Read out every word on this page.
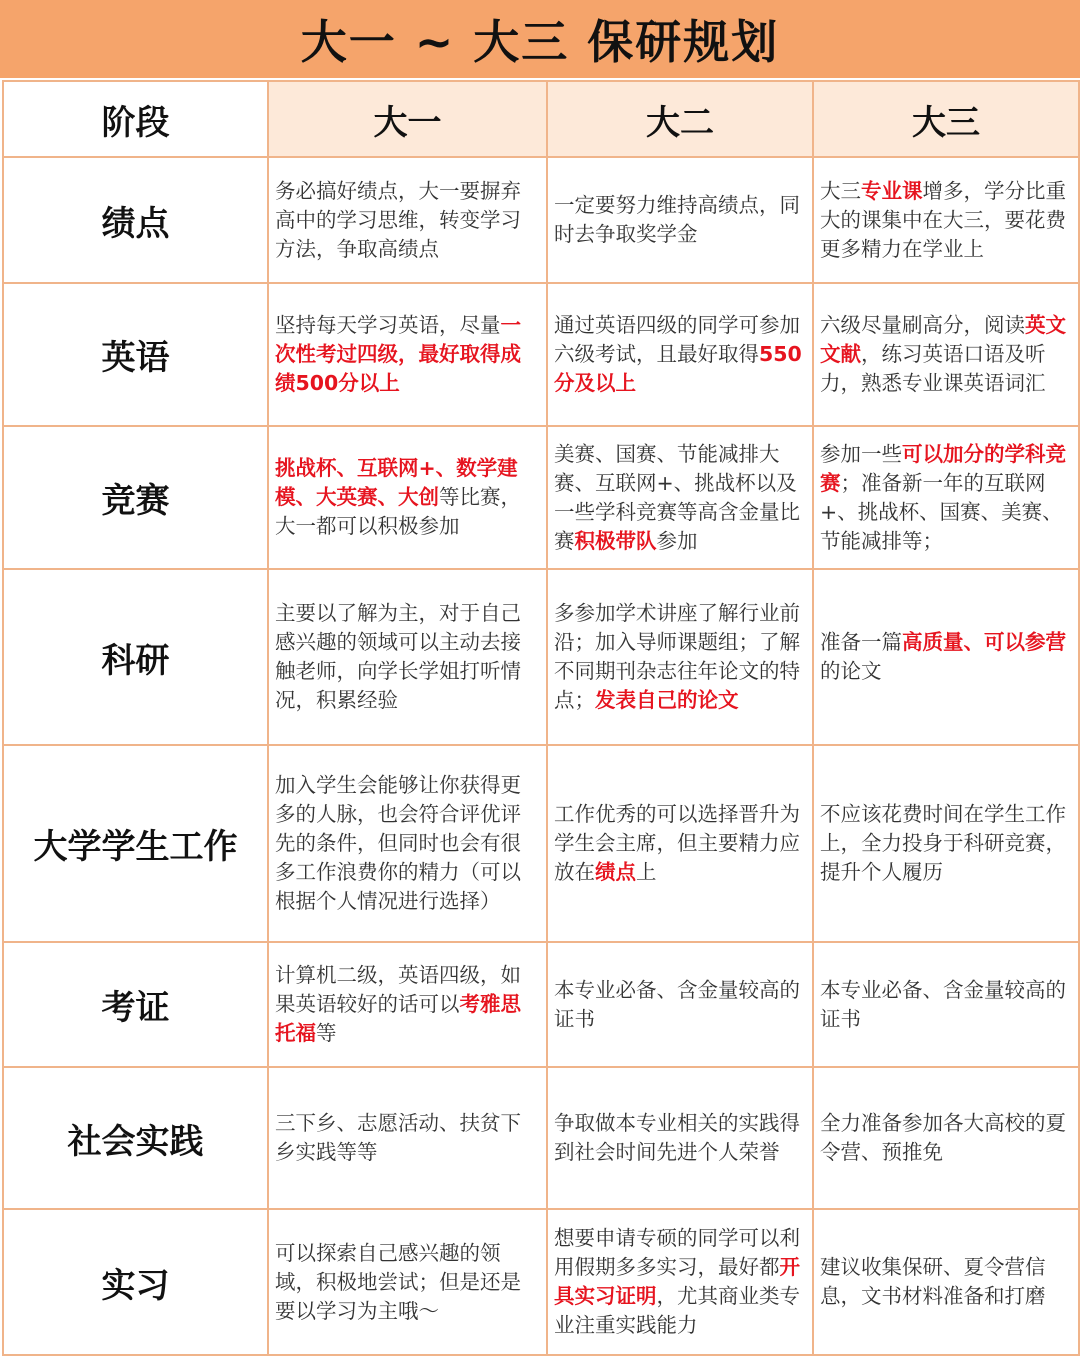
大一 ~ 大三 保研规划
阶段	大一	大二	大三
绩点	务必搞好绩点，大一要摒弃高中的学习思维，转变学习方法，争取高绩点	一定要努力维持高绩点，同时去争取奖学金	大三专业课增多，学分比重大的课集中在大三，要花费更多精力在学业上
英语	坚持每天学习英语，尽量一次性考过四级，最好取得成绩500分以上	通过英语四级的同学可参加六级考试，且最好取得550分及以上	六级尽量刷高分，阅读英文文献，练习英语口语及听力，熟悉专业课英语词汇
竞赛	挑战杯、互联网+、数学建模、大英赛、大创等比赛，大一都可以积极参加	美赛、国赛、节能减排大赛、互联网+、挑战杯以及一些学科竞赛等高含金量比赛积极带队参加	参加一些可以加分的学科竞赛；准备新一年的互联网+、挑战杯、国赛、美赛、节能减排等；
科研	主要以了解为主，对于自己感兴趣的领域可以主动去接触老师，向学长学姐打听情况，积累经验	多参加学术讲座了解行业前沿；加入导师课题组；了解不同期刊杂志往年论文的特点；发表自己的论文	准备一篇高质量、可以参营的论文
大学学生工作	加入学生会能够让你获得更多的人脉，也会符合评优评先的条件，但同时也会有很多工作浪费你的精力（可以根据个人情况进行选择）	工作优秀的可以选择晋升为学生会主席，但主要精力应放在绩点上	不应该花费时间在学生工作上，全力投身于科研竞赛，提升个人履历
考证	计算机二级，英语四级，如果英语较好的话可以考雅思托福等	本专业必备、含金量较高的证书	本专业必备、含金量较高的证书
社会实践	三下乡、志愿活动、扶贫下乡实践等等	争取做本专业相关的实践得到社会时间先进个人荣誉	全力准备参加各大高校的夏令营、预推免
实习	可以探索自己感兴趣的领域，积极地尝试；但是还是要以学习为主哦～	想要申请专硕的同学可以利用假期多多实习，最好都开具实习证明，尤其商业类专业注重实践能力	建议收集保研、夏令营信息，文书材料准备和打磨
